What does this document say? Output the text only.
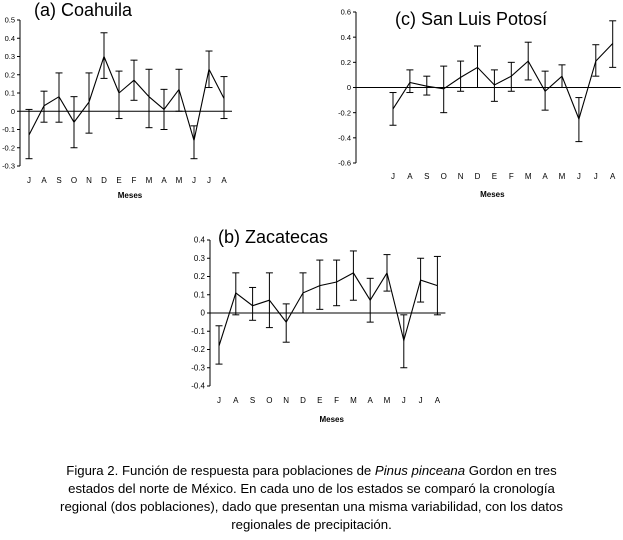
(a) Coahuila
-0.3
-0.2
-0.1
0
0.1
0.2
0.3
0.4
0.5
J A S O N D E F M A M J J A
Meses
(c) San Luis Potosí
-0.6
-0.4
-0.2
0
0.2
0.4
0.6
J A S O N D E F M A M J J A
Meses
(b) Zacatecas
-0.4
-0.3
-0.2
-0.1
0
0.1
0.2
0.3
0.4
J A S O N D E F M A M J J A
Meses
Figura 2. Función de respuesta para poblaciones de Pinus pinceana Gordon en tres
estados del norte de México. En cada uno de los estados se comparó la cronología
regional (dos poblaciones), dado que presentan una misma variabilidad, con los datos
regionales de precipitación.
